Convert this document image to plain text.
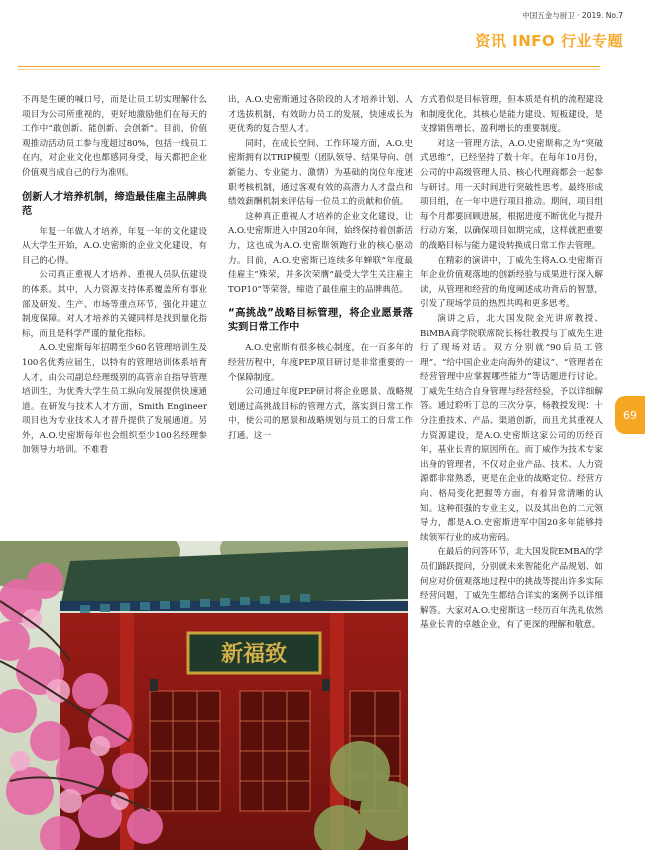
中国五金与厨卫 · 2019. No.7
资讯 INFO 行业专题

不再是生硬的喊口号，而是让员工切实理解什么项目为公司所重视的，更好地激励他们在每天的工作中“敢创新、能创新、会创新”。目前，价值观推动活动员工参与度超过80%，包括一线员工在内，对企业文化也都感同身受，每天都把企业价值观当成自己的行为准则。

创新人才培养机制，缔造最佳雇主品牌典范

年复一年做人才培养，年复一年的文化建设从大学生开始，A.O.史密斯的企业文化建设，有目己的心得。

公司真正重视人才培养、重视人员队伍建设的体系。其中，人力资源支持体系覆盖所有事业部及研发、生产、市场等重点环节，强化并建立制度保障。对人才培养的关键同样是找到量化指标，而且是科学严谨的量化指标。

A.O.史密斯每年招聘至少60名管理培训生及100名优秀应届生，以特有的管理培训体系培育人才，由公司副总经理级别的高管亲自指导管理培训生，为优秀大学生员工纵向发展提供快速通道。在研发与技术人才方面，Smith Engineer项目也为专业技术人才晋升提供了发展通道。另外，A.O.史密斯每年也会组织至少100名经理参加领导力培训。不难看

出，A.O.史密斯通过各阶段的人才培养计划、人才选拔机制，有效助力员工的发展，快速成长为更优秀的复合型人才。

同时，在成长空间、工作环境方面，A.O.史密斯拥有以TRIP模型（团队领导、结果导向、创新能力、专业能力、激情）为基础的岗位年度述职考核机制，通过客观有效的高潜力人才盘点和绩效薪酬机制来评估每一位员工的贡献和价值。

这种真正重视人才培养的企业文化建设，让A.O.史密斯进入中国20年间，始终保持着创新活力，这也成为A.O.史密斯领跑行业的核心驱动力。目前，A.O.史密斯已连续多年蝉联“年度最佳雇主”殊荣，并多次荣膺“最受大学生关注雇主TOP10”等荣誉，缔造了最佳雇主的品牌典范。

“高挑战”战略目标管理，将企业愿景落实到日常工作中

A.O.史密斯有很多核心制度，在一百多年的经营历程中，年度PEP项目研讨是非常重要的一个保障制度。

公司通过年度PEP研讨将企业愿景、战略规划通过高挑战目标的管理方式，落实到日常工作中，使公司的愿景和战略规划与员工的日常工作打通。这一

方式看似是目标管理，但本质是有机的流程建设和制度优化，其核心是能力建设、短板建设，是支撑销售增长、盈利增长的重要制度。

对这一管理方法，A.O.史密斯称之为“突破式思维”，已经坚持了数十年。在每年10月份，公司的中高级管理人员、核心代理商都会一起参与研讨。用一天时间进行突破性思考。最终形成项目组，在一年中进行项目推动。期间，项目组每个月都要回顾进展，根据进度不断优化与提升行动方案，以确保项目如期完成，这样就把重要的战略目标与能力建设转换成日常工作去管理。

在精彩的演讲中，丁威先生将A.O.史密斯百年企业价值观落地的创新经验与成果进行深入解读，从管理和经营的角度阐述成功背后的智慧，引发了现场学员的热烈共鸣和更多思考。

演讲之后，北大国发院金光讲席教授、BiMBA商学院联席院长杨壮教授与丁威先生进行了现场对话。双方分别就“90后员工管理”、“给中国企业走向海外的建议”、“管理者在经营管理中应掌握哪些能力”等话题进行讨论。丁威先生结合自身管理与经营经验，予以详细解答。通过聆听丁总的三次分享，杨教授发现：十分注重技术、产品、渠道创新，而且尤其重视人力资源建设，是A.O.史密斯这家公司的历经百年，基业长青的原因所在。而丁威作为技术专家出身的管理者，不仅对企业产品、技术、人力资源都非常熟悉，更是在企业的战略定位、经营方向、格局变化把握等方面，有着异常清晰的认知。这种很强的专业主义，以及其出色的二元领导力，都是A.O.史密斯进军中国20多年能够持续领军行业的成功密码。

在最后的问答环节，北大国发院EMBA的学员们踊跃提问，分别就未来智能化产品规划、如何应对价值观落地过程中的挑战等提出许多实际经营问题，丁威先生都结合详实的案例予以详细解答。大家对A.O.史密斯这一经历百年洗礼依然基业长青的卓越企业，有了更深的理解和敬意。

69
新福致
